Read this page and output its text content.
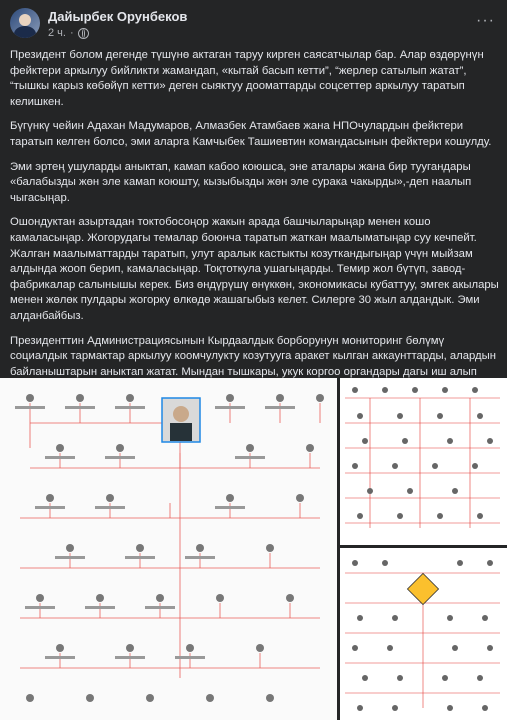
Дайырбек Орунбеков
2 ч. ·
···

Президент болом дегенде түшүнө актаган таруу кирген саясатчылар бар. Алар өздөрүнүн фейктери аркылуу бийликти жамандап, «кытай басып кетти”, “жерлер сатылып жатат”, “тышкы карыз көбөйүп кетти» деген сыяктуу дооматтарды соцсеттер аркылуу таратып келишкен.

Бүгүнкү чейин Адахан Мадумаров, Алмазбек Атамбаев жана НПОчулардын фейктери таратып келген болсо, эми аларга Камчыбек Ташиевтин командасынын фейктери кошулду.

Эми эртең ушуларды аныктап, камап кабоо коюшса, эне аталары жана бир туугандары «балабызды жөн эле камап коюшту, кызыбызды жөн эле сурака чакырды»,-деп наалып чыгасыңар.

Ошондуктан азыртадан токтобосоңор жакын арада башчыларыңар менен кошо камаласыңар. Жогорудагы темалар боюнча таратып жаткан маалыматыңар суу кечпейт. Жалган маалыматтарды таратып, улут аралык кастыкты козуткандыгыңар үчүн мыйзам алдында жооп берип, камаласыңар. Тоқтоткула ушагыңарды. Темир жол бүтүп, завод-фабрикалар салынышы керек. Биз өндүрүшү өнүккөн, экономикасы кубаттуу, эмгек акылары менен жөлөк пулдары жогорку өлкөдө жашагыбыз келет. Силерге 30 жыл алдандык. Эми алданбайбыз.

Президенттин Администрациясынын Кырдаалдык борборунун мониторинг бөлүмү социалдык тармактар аркылуу коомчулукту козутууга аракет кылган аккаунттарды, алардын байланыштарын аныктап жатат. Мындан тышкары, укук коргоо органдары дагы иш алып
